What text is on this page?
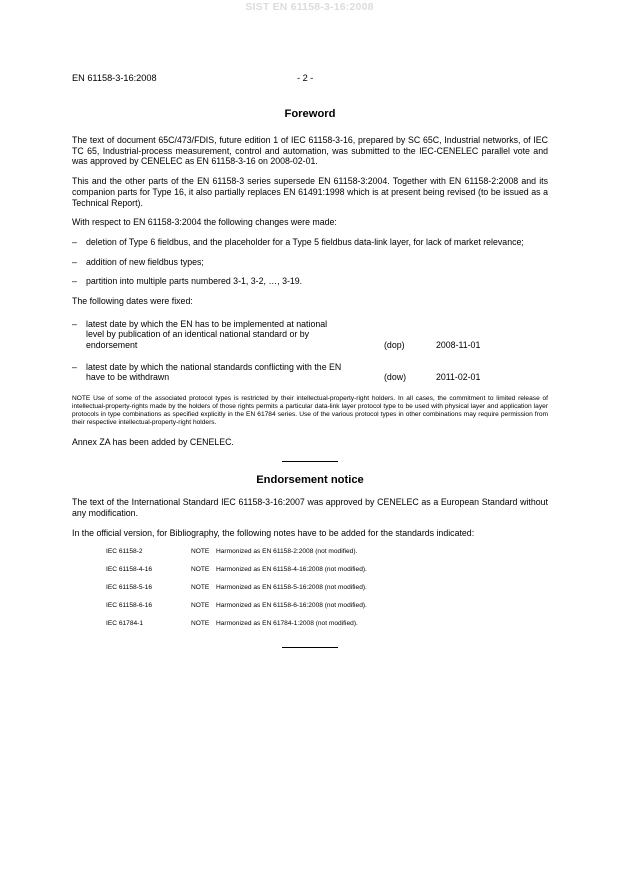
SIST EN 61158-3-16:2008
EN 61158-3-16:2008	- 2 -
Foreword

The text of document 65C/473/FDIS, future edition 1 of IEC 61158-3-16, prepared by SC 65C, Industrial networks, of IEC TC 65, Industrial-process measurement, control and automation, was submitted to the IEC-CENELEC parallel vote and was approved by CENELEC as EN 61158-3-16 on 2008-02-01.

This and the other parts of the EN 61158-3 series supersede EN 61158-3:2004. Together with EN 61158-2:2008 and its companion parts for Type 16, it also partially replaces EN 61491:1998 which is at present being revised (to be issued as a Technical Report).

With respect to EN 61158-3:2004 the following changes were made:

– deletion of Type 6 fieldbus, and the placeholder for a Type 5 fieldbus data-link layer, for lack of market relevance;
– addition of new fieldbus types;
– partition into multiple parts numbered 3-1, 3-2, …, 3-19.

The following dates were fixed:

– latest date by which the EN has to be implemented at national level by publication of an identical national standard or by endorsement	(dop)	2008-11-01
– latest date by which the national standards conflicting with the EN have to be withdrawn	(dow)	2011-02-01

NOTE Use of some of the associated protocol types is restricted by their intellectual-property-right holders. In all cases, the commitment to limited release of intellectual-property-rights made by the holders of those rights permits a particular data-link layer protocol type to be used with physical layer and application layer protocols in type combinations as specified explicitly in the EN 61784 series. Use of the various protocol types in other combinations may require permission from their respective intellectual-property-right holders.

Annex ZA has been added by CENELEC.

Endorsement notice

The text of the International Standard IEC 61158-3-16:2007 was approved by CENELEC as a European Standard without any modification.

In the official version, for Bibliography, the following notes have to be added for the standards indicated:

IEC 61158-2	NOTE Harmonized as EN 61158-2:2008 (not modified).
IEC 61158-4-16	NOTE Harmonized as EN 61158-4-16:2008 (not modified).
IEC 61158-5-16	NOTE Harmonized as EN 61158-5-16:2008 (not modified).
IEC 61158-6-16	NOTE Harmonized as EN 61158-6-16:2008 (not modified).
IEC 61784-1	NOTE Harmonized as EN 61784-1:2008 (not modified).
